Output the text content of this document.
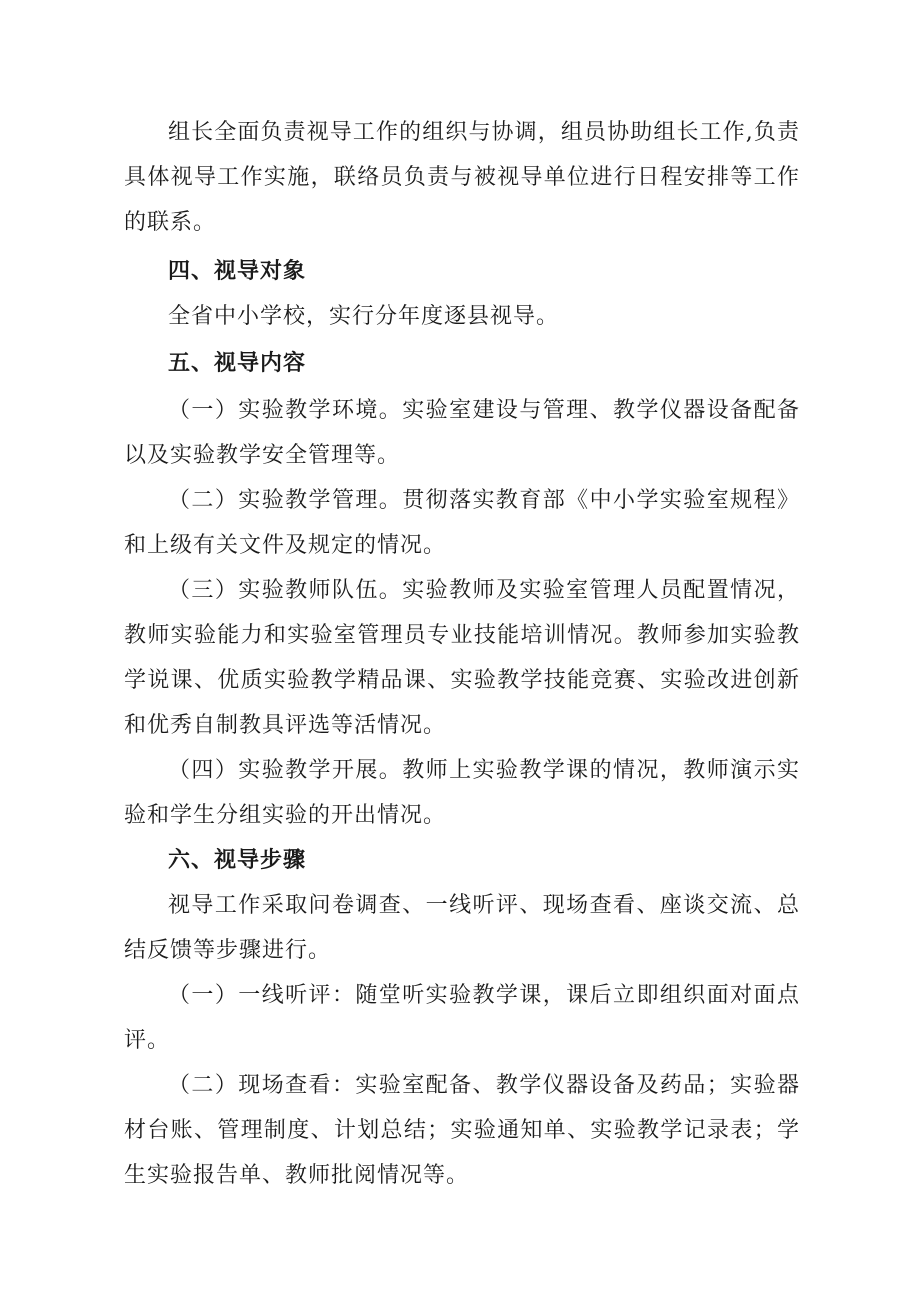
组长全面负责视导工作的组织与协调，组员协助组长工作,负责具体视导工作实施，联络员负责与被视导单位进行日程安排等工作的联系。

四、视导对象

全省中小学校，实行分年度逐县视导。

五、视导内容

（一）实验教学环境。实验室建设与管理、教学仪器设备配备以及实验教学安全管理等。

（二）实验教学管理。贯彻落实教育部《中小学实验室规程》和上级有关文件及规定的情况。

（三）实验教师队伍。实验教师及实验室管理人员配置情况，教师实验能力和实验室管理员专业技能培训情况。教师参加实验教学说课、优质实验教学精品课、实验教学技能竞赛、实验改进创新和优秀自制教具评选等活情况。

（四）实验教学开展。教师上实验教学课的情况，教师演示实验和学生分组实验的开出情况。

六、视导步骤

视导工作采取问卷调查、一线听评、现场查看、座谈交流、总结反馈等步骤进行。

（一）一线听评：随堂听实验教学课，课后立即组织面对面点评。

（二）现场查看：实验室配备、教学仪器设备及药品；实验器材台账、管理制度、计划总结；实验通知单、实验教学记录表；学生实验报告单、教师批阅情况等。
